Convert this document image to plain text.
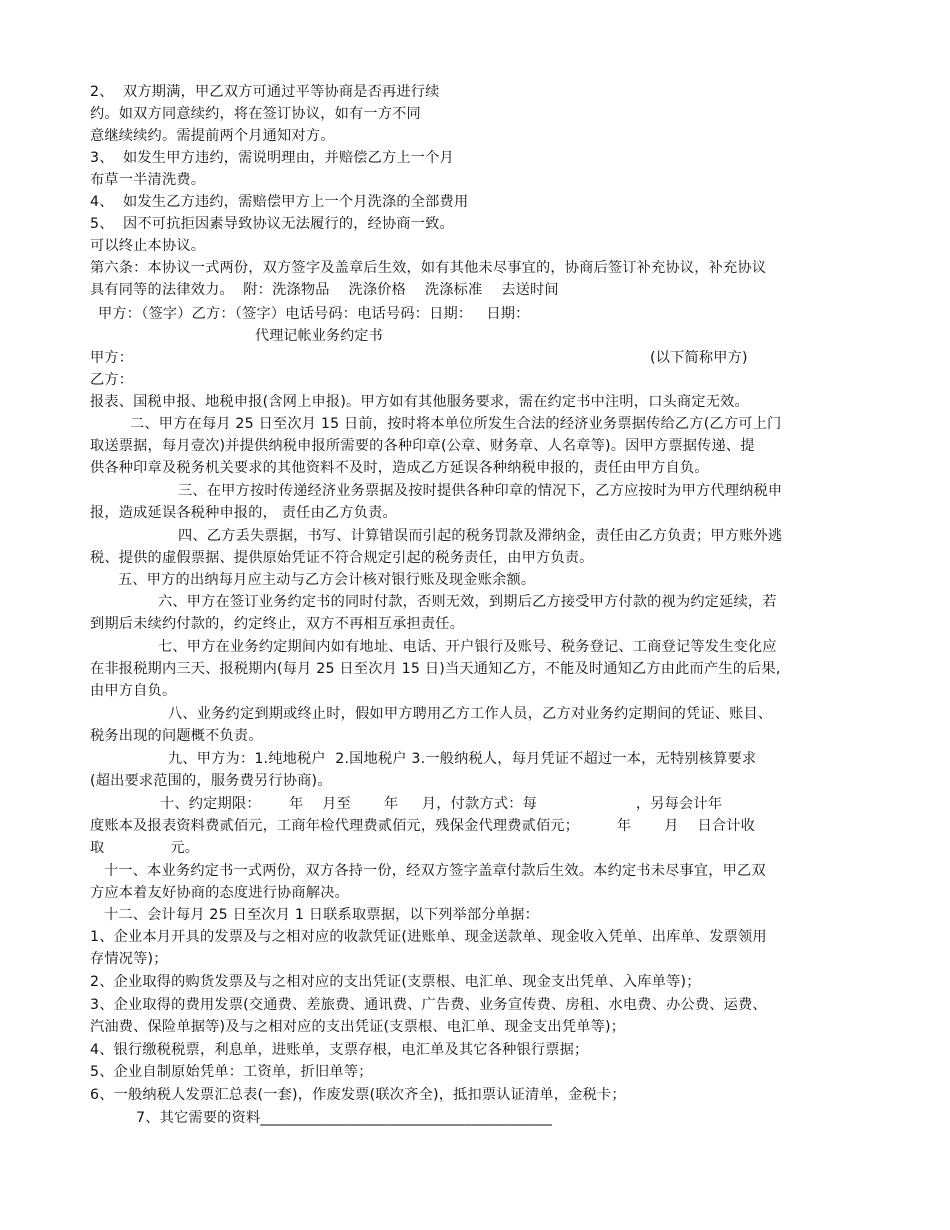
2、  双方期满，甲乙双方可通过平等协商是否再进行续
约。如双方同意续约，将在签订协议，如有一方不同
意继续续约。需提前两个月通知对方。
3、  如发生甲方违约，需说明理由，并赔偿乙方上一个月
布草一半清洗费。
4、  如发生乙方违约，需赔偿甲方上一个月洗涤的全部费用
5、  因不可抗拒因素导致协议无法履行的，经协商一致。
可以终止本协议。
第六条：本协议一式两份，双方签字及盖章后生效，如有其他未尽事宜的，协商后签订补充协议，补充协议
具有同等的法律效力。  附：洗涤物品    洗涤价格    洗涤标准    去送时间
甲方：（签字）乙方：（签字）电话号码：电话号码：日期：   日期：
代理记帐业务约定书
甲方：	(以下简称甲方)
乙方：
报表、国税申报、地税申报(含网上申报)。甲方如有其他服务要求，需在约定书中注明，口头商定无效。
二、甲方在每月 25 日至次月 15 日前，按时将本单位所发生合法的经济业务票据传给乙方(乙方可上门
取送票据，每月壹次)并提供纳税申报所需要的各种印章(公章、财务章、人名章等)。因甲方票据传递、提
供各种印章及税务机关要求的其他资料不及时，造成乙方延误各种纳税申报的，责任由甲方自负。
三、在甲方按时传递经济业务票据及按时提供各种印章的情况下，乙方应按时为甲方代理纳税申
报，造成延误各税种申报的， 责任由乙方负责。
四、乙方丢失票据，书写、计算错误而引起的税务罚款及滞纳金，责任由乙方负责；甲方账外逃
税、提供的虚假票据、提供原始凭证不符合规定引起的税务责任，由甲方负责。
五、甲方的出纳每月应主动与乙方会计核对银行账及现金账余额。
六、甲方在签订业务约定书的同时付款，否则无效，到期后乙方接受甲方付款的视为约定延续，若
到期后未续约付款的，约定终止，双方不再相互承担责任。
七、甲方在业务约定期间内如有地址、电话、开户银行及账号、税务登记、工商登记等发生变化应
在非报税期内三天、报税期内(每月 25 日至次月 15 日)当天通知乙方，不能及时通知乙方由此而产生的后果,
由甲方自负。
八、业务约定到期或终止时，假如甲方聘用乙方工作人员，乙方对业务约定期间的凭证、账目、
税务出现的问题概不负责。
九、甲方为：1.纯地税户  2.国地税户 3.一般纳税人，每月凭证不超过一本，无特别核算要求
(超出要求范围的，服务费另行协商)。
十、约定期限：      年    月至       年     月，付款方式：每                     ，另每会计年
度账本及报表资料费贰佰元，工商年检代理费贰佰元，残保金代理费贰佰元；        年       月    日合计收
取              元。
十一、本业务约定书一式两份，双方各持一份，经双方签字盖章付款后生效。本约定书未尽事宜，甲乙双
方应本着友好协商的态度进行协商解决。
十二、会计每月 25 日至次月 1 日联系取票据，以下列举部分单据：
1、企业本月开具的发票及与之相对应的收款凭证(进账单、现金送款单、现金收入凭单、出库单、发票领用
存情况等)；
2、企业取得的购货发票及与之相对应的支出凭证(支票根、电汇单、现金支出凭单、入库单等)；
3、企业取得的费用发票(交通费、差旅费、通讯费、广告费、业务宣传费、房租、水电费、办公费、运费、
汽油费、保险单据等)及与之相对应的支出凭证(支票根、电汇单、现金支出凭单等)；
4、银行缴税税票，利息单，进账单，支票存根，电汇单及其它各种银行票据；
5、企业自制原始凭单：工资单，折旧单等；
6、一般纳税人发票汇总表(一套)，作废发票(联次齐全)，抵扣票认证清单，金税卡；
7、其它需要的资料________________________________________
